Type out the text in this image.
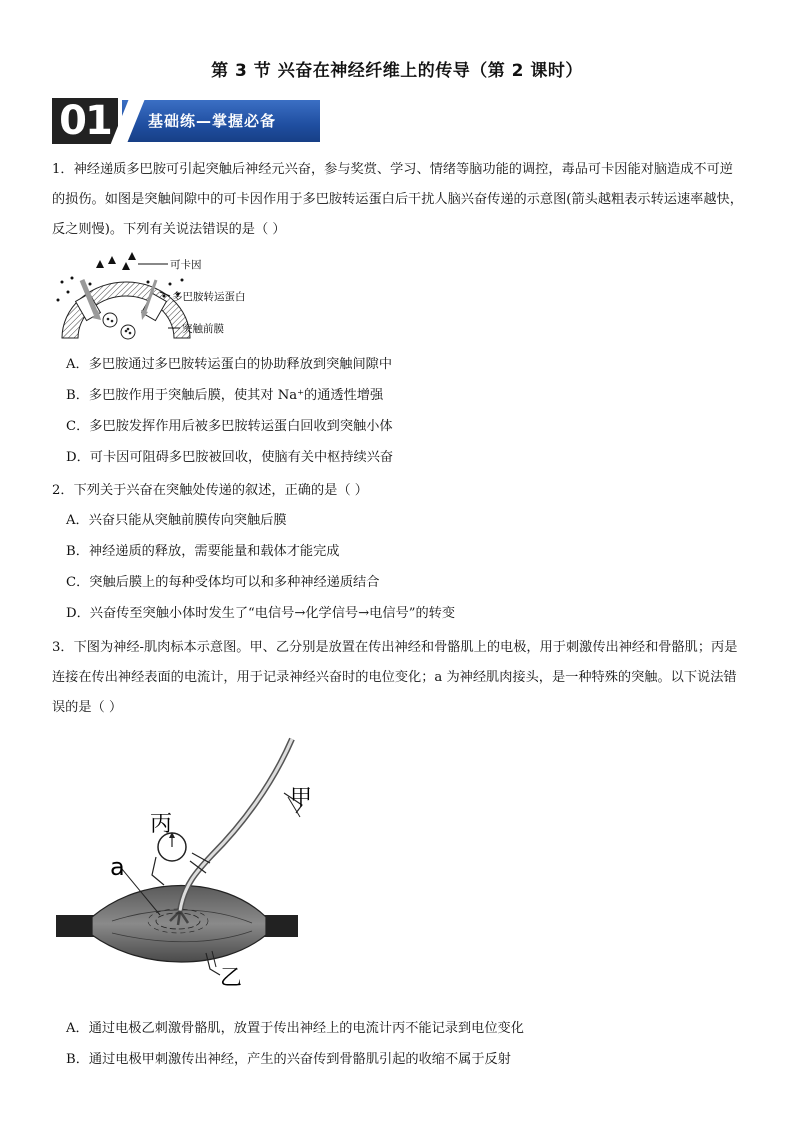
第 3 节 兴奋在神经纤维上的传导（第 2 课时）
01	基础练—掌握必备
1．神经递质多巴胺可引起突触后神经元兴奋，参与奖赏、学习、情绪等脑功能的调控，毒品可卡因能对脑造成不可逆的损伤。如图是突触间隙中的可卡因作用于多巴胺转运蛋白后干扰人脑兴奋传递的示意图(箭头越粗表示转运速率越快，反之则慢)。下列有关说法错误的是（ ）
可卡因
多巴胺转运蛋白
突触前膜
A．多巴胺通过多巴胺转运蛋白的协助释放到突触间隙中
B．多巴胺作用于突触后膜，使其对 Na⁺的通透性增强
C．多巴胺发挥作用后被多巴胺转运蛋白回收到突触小体
D．可卡因可阻碍多巴胺被回收，使脑有关中枢持续兴奋
2．下列关于兴奋在突触处传递的叙述，正确的是（ ）
A．兴奋只能从突触前膜传向突触后膜
B．神经递质的释放，需要能量和载体才能完成
C．突触后膜上的每种受体均可以和多种神经递质结合
D．兴奋传至突触小体时发生了“电信号→化学信号→电信号”的转变
3．下图为神经-肌肉标本示意图。甲、乙分别是放置在传出神经和骨骼肌上的电极，用于刺激传出神经和骨骼肌；丙是连接在传出神经表面的电流计，用于记录神经兴奋时的电位变化；a 为神经肌肉接头，是一种特殊的突触。以下说法错误的是（ ）
甲
丙
a
乙
A．通过电极乙刺激骨骼肌，放置于传出神经上的电流计丙不能记录到电位变化
B．通过电极甲刺激传出神经，产生的兴奋传到骨骼肌引起的收缩不属于反射
